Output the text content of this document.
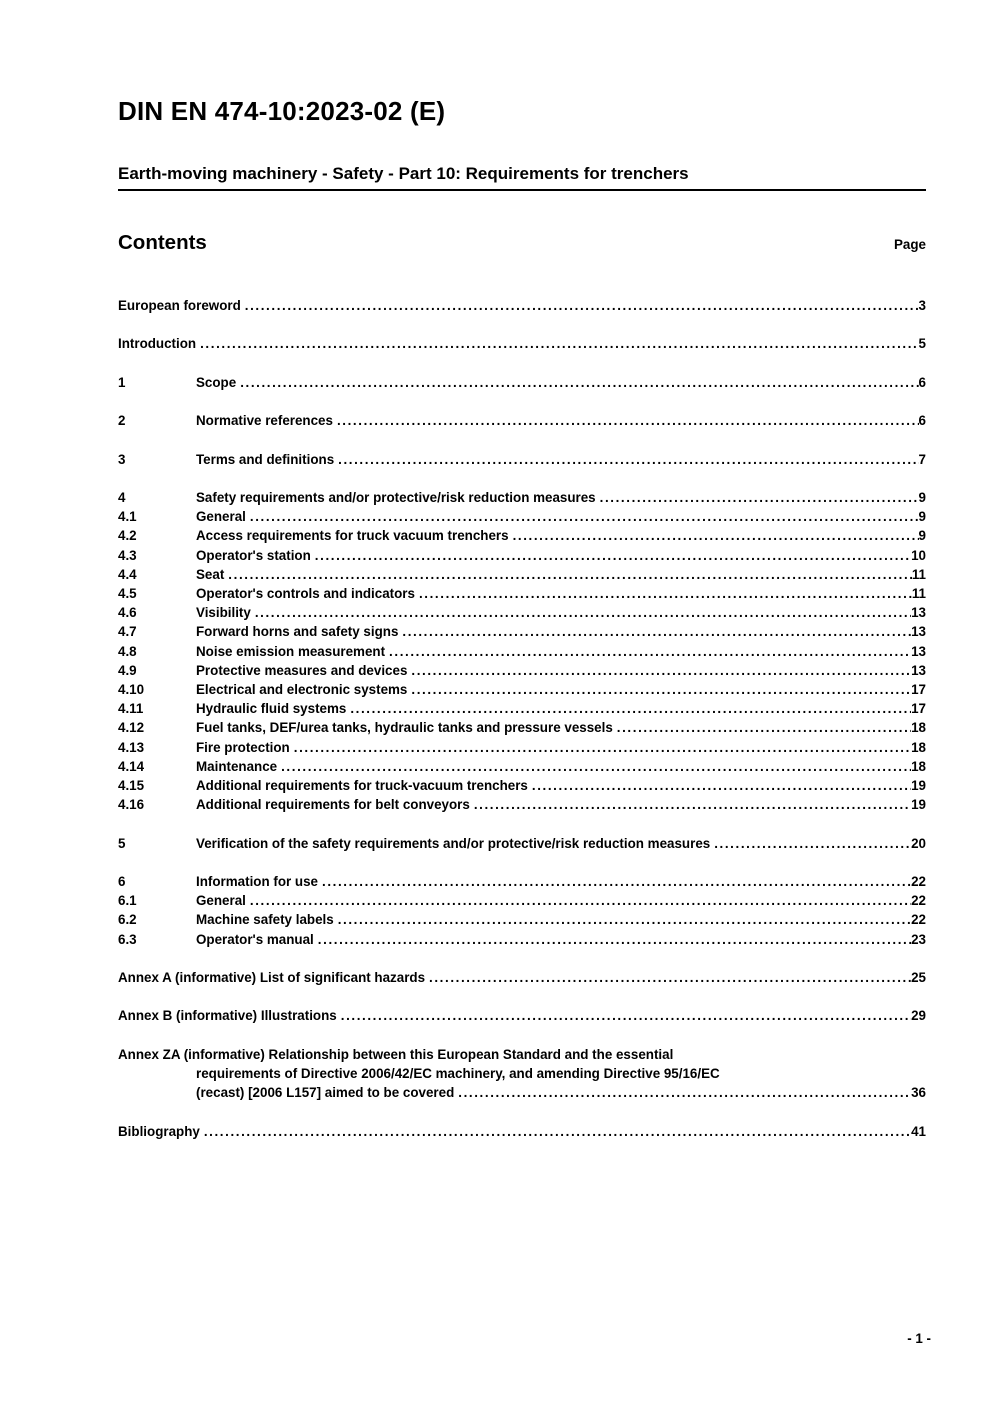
DIN EN 474-10:2023-02 (E)
Earth-moving machinery - Safety - Part 10: Requirements for trenchers
Contents	Page
European foreword .....	3
Introduction .....	5
1	Scope .....	6
2	Normative references .....	6
3	Terms and definitions .....	7
4	Safety requirements and/or protective/risk reduction measures .....	9
4.1	General .....	9
4.2	Access requirements for truck vacuum trenchers .....	9
4.3	Operator's station .....	10
4.4	Seat .....	11
4.5	Operator's controls and indicators .....	11
4.6	Visibility .....	13
4.7	Forward horns and safety signs .....	13
4.8	Noise emission measurement .....	13
4.9	Protective measures and devices .....	13
4.10	Electrical and electronic systems .....	17
4.11	Hydraulic fluid systems .....	17
4.12	Fuel tanks, DEF/urea tanks, hydraulic tanks and pressure vessels .....	18
4.13	Fire protection .....	18
4.14	Maintenance .....	18
4.15	Additional requirements for truck-vacuum trenchers .....	19
4.16	Additional requirements for belt conveyors .....	19
5	Verification of the safety requirements and/or protective/risk reduction measures .....	20
6	Information for use .....	22
6.1	General .....	22
6.2	Machine safety labels .....	22
6.3	Operator's manual .....	23
Annex A (informative) List of significant hazards .....	25
Annex B (informative) Illustrations .....	29
Annex ZA (informative) Relationship between this European Standard and the essential
requirements of Directive 2006/42/EC machinery, and amending Directive 95/16/EC
(recast) [2006 L157] aimed to be covered .....	36
Bibliography .....	41
- 1 -
